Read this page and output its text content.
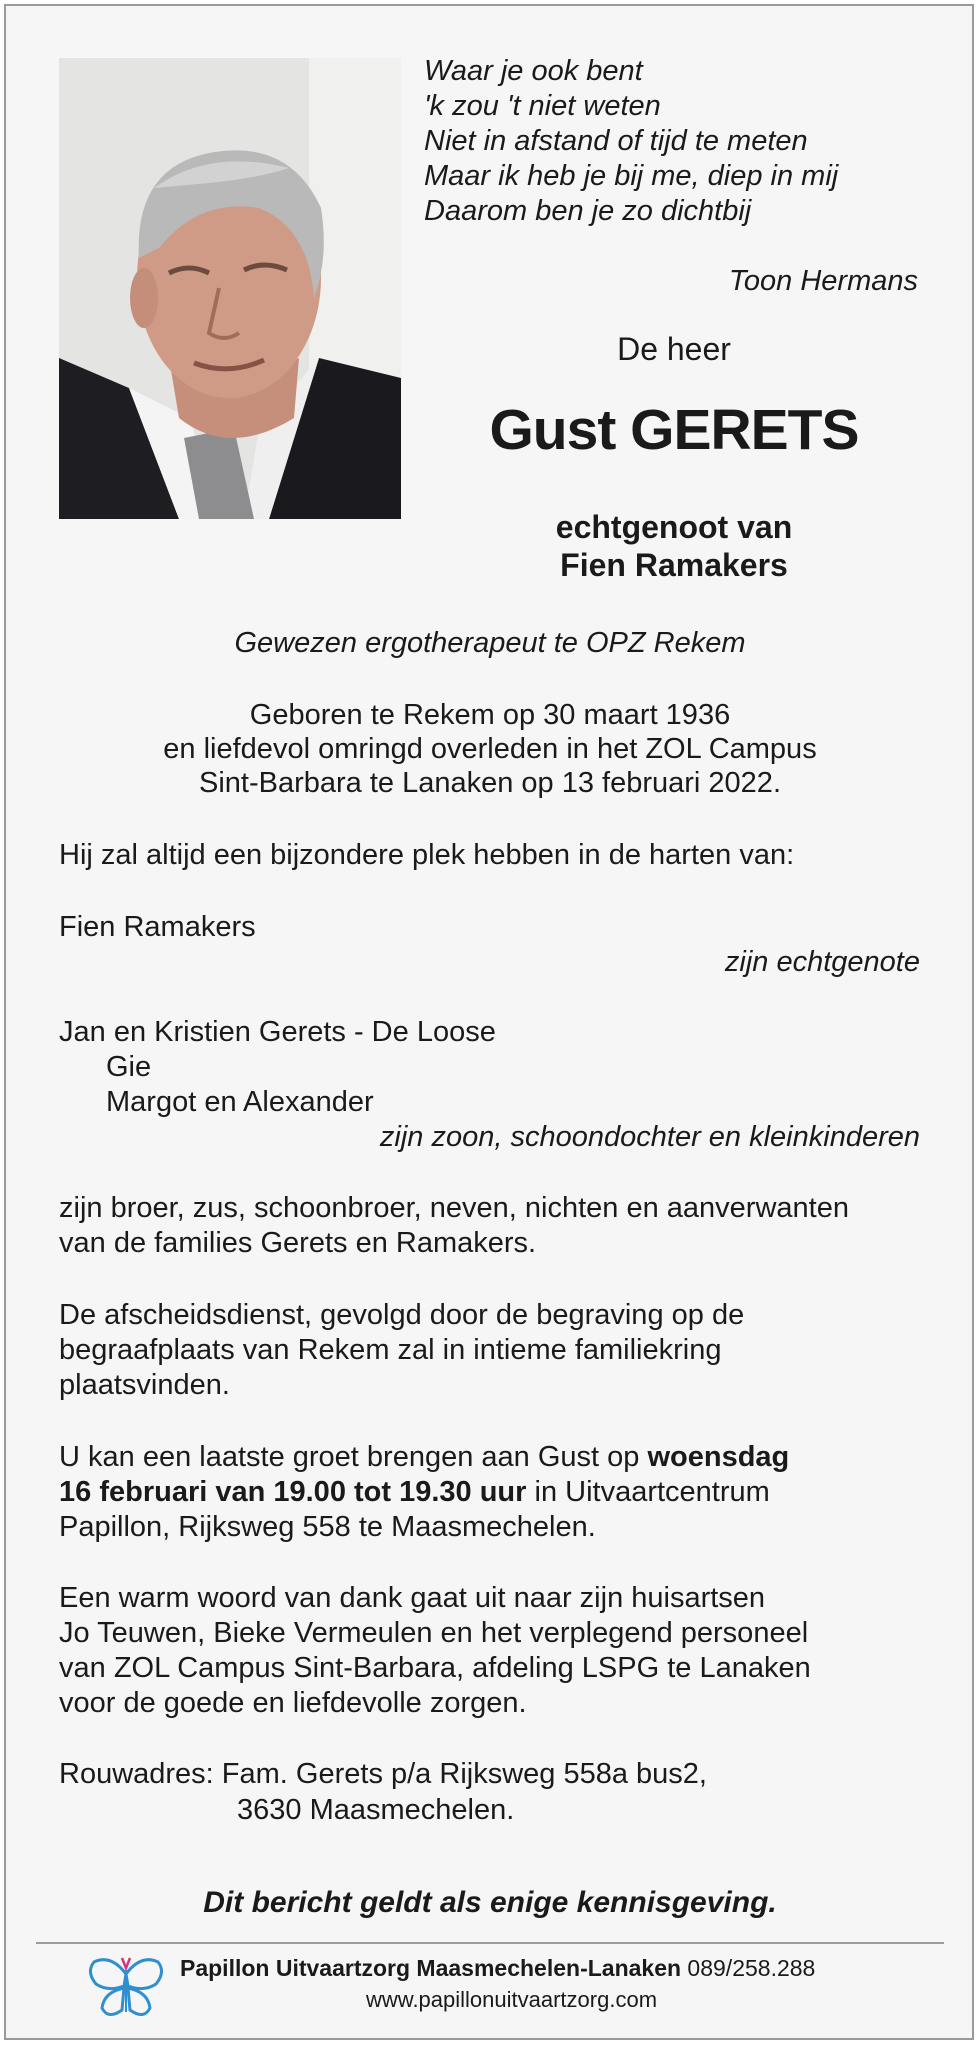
Waar je ook bent
'k zou 't niet weten
Niet in afstand of tijd te meten
Maar ik heb je bij me, diep in mij
Daarom ben je zo dichtbij
Toon Hermans
De heer
Gust GERETS
echtgenoot van
Fien Ramakers
Gewezen ergotherapeut te OPZ Rekem
Geboren te Rekem op 30 maart 1936
en liefdevol omringd overleden in het ZOL Campus
Sint-Barbara te Lanaken op 13 februari 2022.
Hij zal altijd een bijzondere plek hebben in de harten van:
Fien Ramakers
zijn echtgenote
Jan en Kristien Gerets - De Loose
Gie
Margot en Alexander
zijn zoon, schoondochter en kleinkinderen
zijn broer, zus, schoonbroer, neven, nichten en aanverwanten
van de families Gerets en Ramakers.
De afscheidsdienst, gevolgd door de begraving op de
begraafplaats van Rekem zal in intieme familiekring
plaatsvinden.
U kan een laatste groet brengen aan Gust op woensdag
16 februari van 19.00 tot 19.30 uur in Uitvaartcentrum
Papillon, Rijksweg 558 te Maasmechelen.
Een warm woord van dank gaat uit naar zijn huisartsen
Jo Teuwen, Bieke Vermeulen en het verplegend personeel
van ZOL Campus Sint-Barbara, afdeling LSPG te Lanaken
voor de goede en liefdevolle zorgen.
Rouwadres: Fam. Gerets p/a Rijksweg 558a bus2,
3630 Maasmechelen.
Dit bericht geldt als enige kennisgeving.
Papillon Uitvaartzorg Maasmechelen-Lanaken 089/258.288
www.papillonuitvaartzorg.com
